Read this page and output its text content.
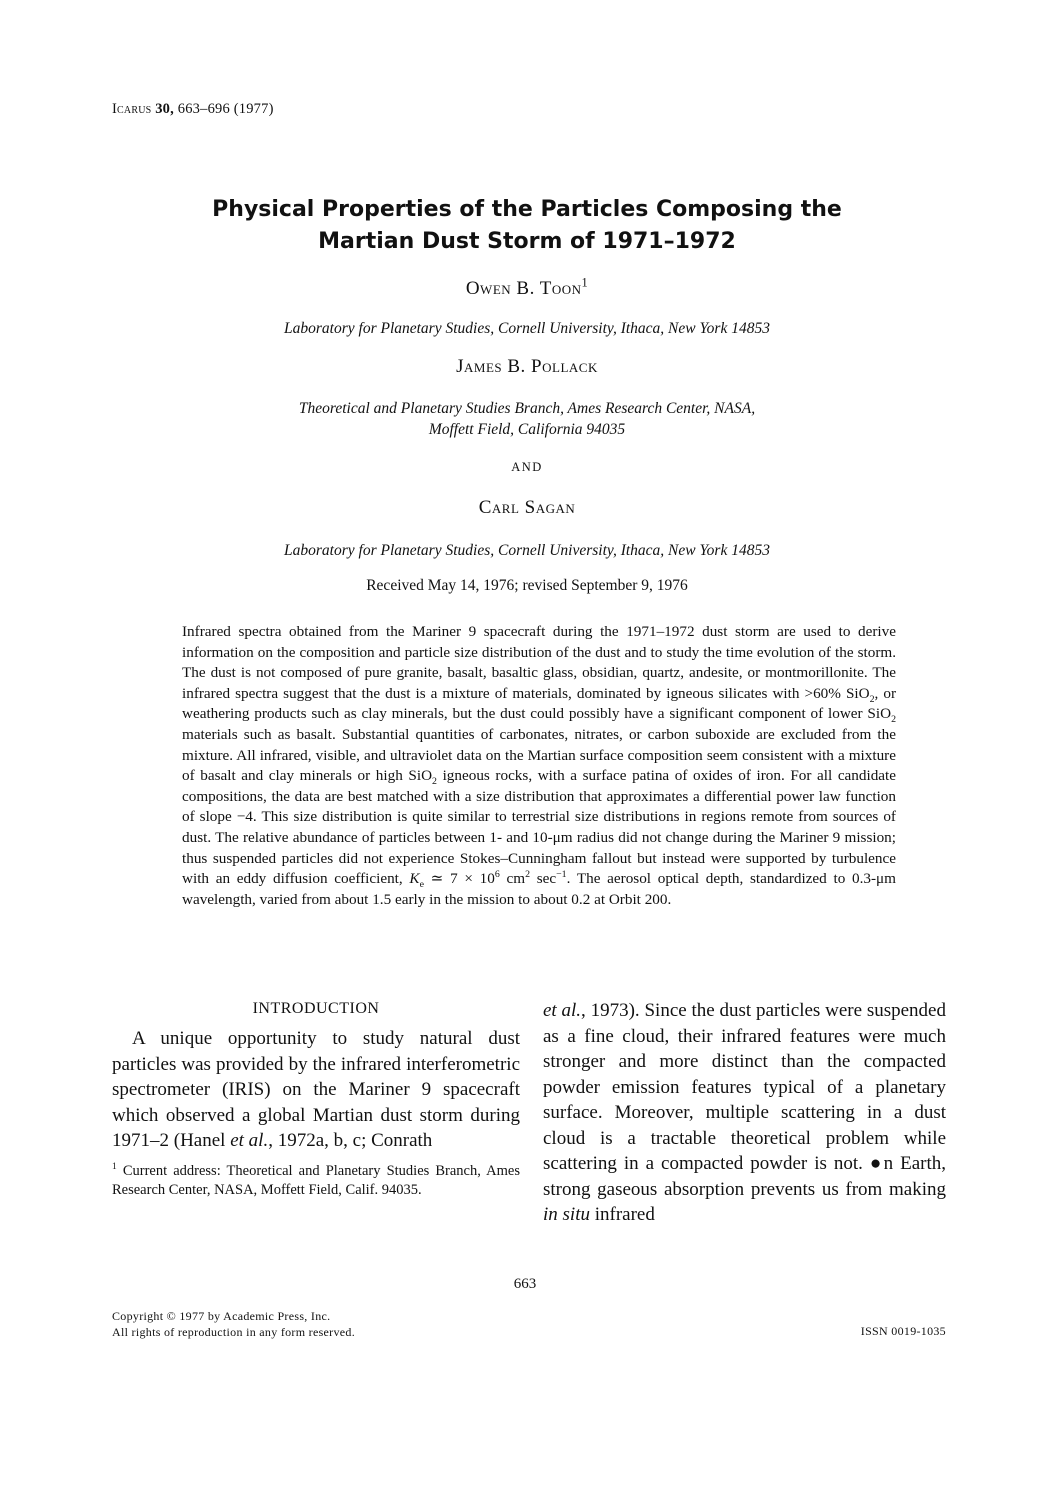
Icarus 30, 663–696 (1977)
Physical Properties of the Particles Composing the
Martian Dust Storm of 1971–1972
Owen B. Toon$^1$
Laboratory for Planetary Studies, Cornell University, Ithaca, New York 14853
James B. Pollack
Theoretical and Planetary Studies Branch, Ames Research Center, NASA,
Moffett Field, California 94035
AND
Carl Sagan
Laboratory for Planetary Studies, Cornell University, Ithaca, New York 14853
Received May 14, 1976; revised September 9, 1976
Infrared spectra obtained from the Mariner 9 spacecraft during the 1971–1972 dust storm are used to derive information on the composition and particle size distribution of the dust and to study the time evolution of the storm. The dust is not composed of pure granite, basalt, basaltic glass, obsidian, quartz, andesite, or montmorillonite. The infrared spectra suggest that the dust is a mixture of materials, dominated by igneous silicates with >60% SiO$_2$, or weathering products such as clay minerals, but the dust could possibly have a significant component of lower SiO$_2$ materials such as basalt. Substantial quantities of carbonates, nitrates, or carbon suboxide are excluded from the mixture. All infrared, visible, and ultraviolet data on the Martian surface composition seem consistent with a mixture of basalt and clay minerals or high SiO$_2$ igneous rocks, with a surface patina of oxides of iron. For all candidate compositions, the data are best matched with a size distribution that approximates a differential power law function of slope −4. This size distribution is quite similar to terrestrial size distributions in regions remote from sources of dust. The relative abundance of particles between 1- and 10-μm radius did not change during the Mariner 9 mission; thus suspended particles did not experience Stokes–Cunningham fallout but instead were supported by turbulence with an eddy diffusion coefficient, $K_e$ ≃ $7 \times 10^6$ $cm^2$ $\sec^{-1}$. The aerosol optical depth, standardized to 0.3-μm wavelength, varied from about 1.5 early in the mission to about 0.2 at Orbit 200.
INTRODUCTION

A unique opportunity to study natural dust particles was provided by the infrared interferometric spectrometer (IRIS) on the Mariner 9 spacecraft which observed a global Martian dust storm during 1971–2 (Hanel et al., 1972a, b, c; Conrath

$^1$ Current address: Theoretical and Planetary Studies Branch, Ames Research Center, NASA, Moffett Field, Calif. 94035.

et al., 1973). Since the dust particles were suspended as a fine cloud, their infrared features were much stronger and more distinct than the compacted powder emission features typical of a planetary surface. Moreover, multiple scattering in a dust cloud is a tractable theoretical problem while scattering in a compacted powder is not. ●n Earth, strong gaseous absorption prevents us from making in situ infrared

663
Copyright © 1977 by Academic Press, Inc.
All rights of reproduction in any form reserved.	ISSN 0019-1035
